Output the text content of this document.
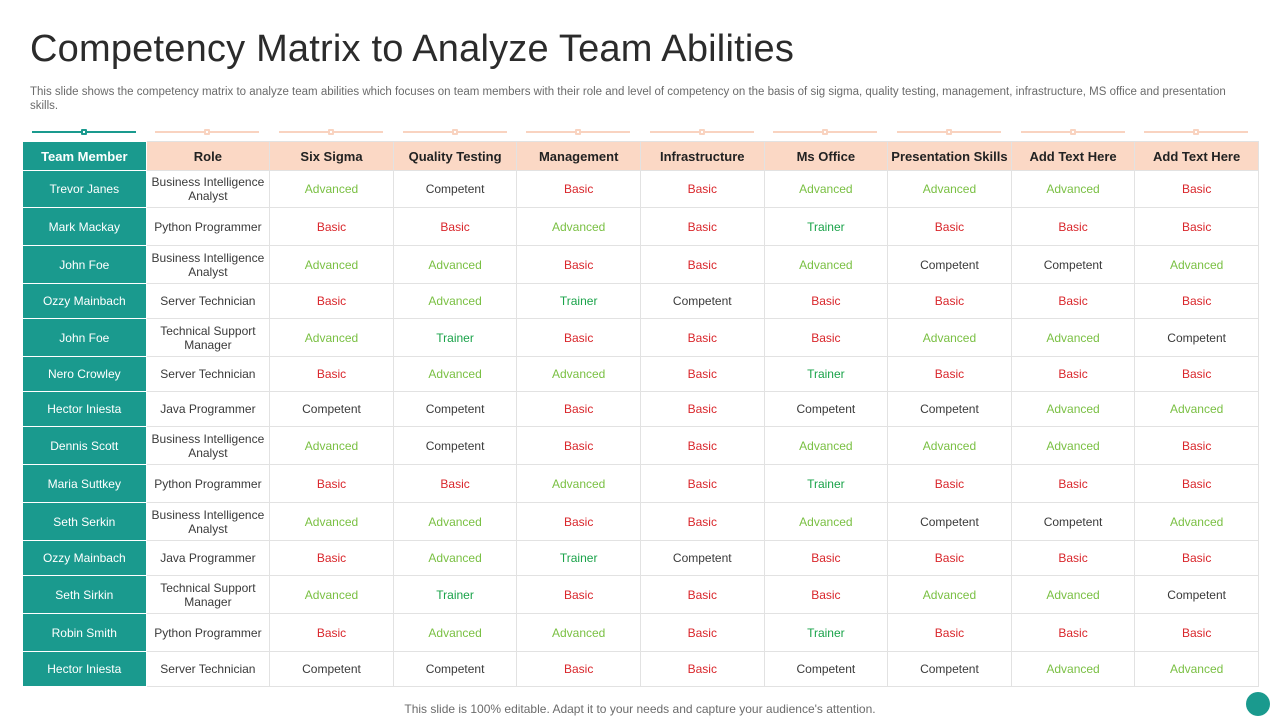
Competency Matrix to Analyze Team Abilities
This slide shows the competency matrix to analyze team abilities which focuses on team members with their role and level of competency on the basis of sig sigma, quality testing, management, infrastructure, MS office and presentation skills.
Team Member	Role	Six Sigma	Quality Testing	Management	Infrastructure	Ms Office	Presentation Skills	Add Text Here	Add Text Here
Trevor Janes	Business Intelligence Analyst	Advanced	Competent	Basic	Basic	Advanced	Advanced	Advanced	Basic
Mark Mackay	Python Programmer	Basic	Basic	Advanced	Basic	Trainer	Basic	Basic	Basic
John Foe	Business Intelligence Analyst	Advanced	Advanced	Basic	Basic	Advanced	Competent	Competent	Advanced
Ozzy Mainbach	Server Technician	Basic	Advanced	Trainer	Competent	Basic	Basic	Basic	Basic
John Foe	Technical Support Manager	Advanced	Trainer	Basic	Basic	Basic	Advanced	Advanced	Competent
Nero Crowley	Server Technician	Basic	Advanced	Advanced	Basic	Trainer	Basic	Basic	Basic
Hector Iniesta	Java Programmer	Competent	Competent	Basic	Basic	Competent	Competent	Advanced	Advanced
Dennis Scott	Business Intelligence Analyst	Advanced	Competent	Basic	Basic	Advanced	Advanced	Advanced	Basic
Maria Suttkey	Python Programmer	Basic	Basic	Advanced	Basic	Trainer	Basic	Basic	Basic
Seth Serkin	Business Intelligence Analyst	Advanced	Advanced	Basic	Basic	Advanced	Competent	Competent	Advanced
Ozzy Mainbach	Java Programmer	Basic	Advanced	Trainer	Competent	Basic	Basic	Basic	Basic
Seth Sirkin	Technical Support Manager	Advanced	Trainer	Basic	Basic	Basic	Advanced	Advanced	Competent
Robin Smith	Python Programmer	Basic	Advanced	Advanced	Basic	Trainer	Basic	Basic	Basic
Hector Iniesta	Server Technician	Competent	Competent	Basic	Basic	Competent	Competent	Advanced	Advanced
This slide is 100% editable. Adapt it to your needs and capture your audience's attention.
